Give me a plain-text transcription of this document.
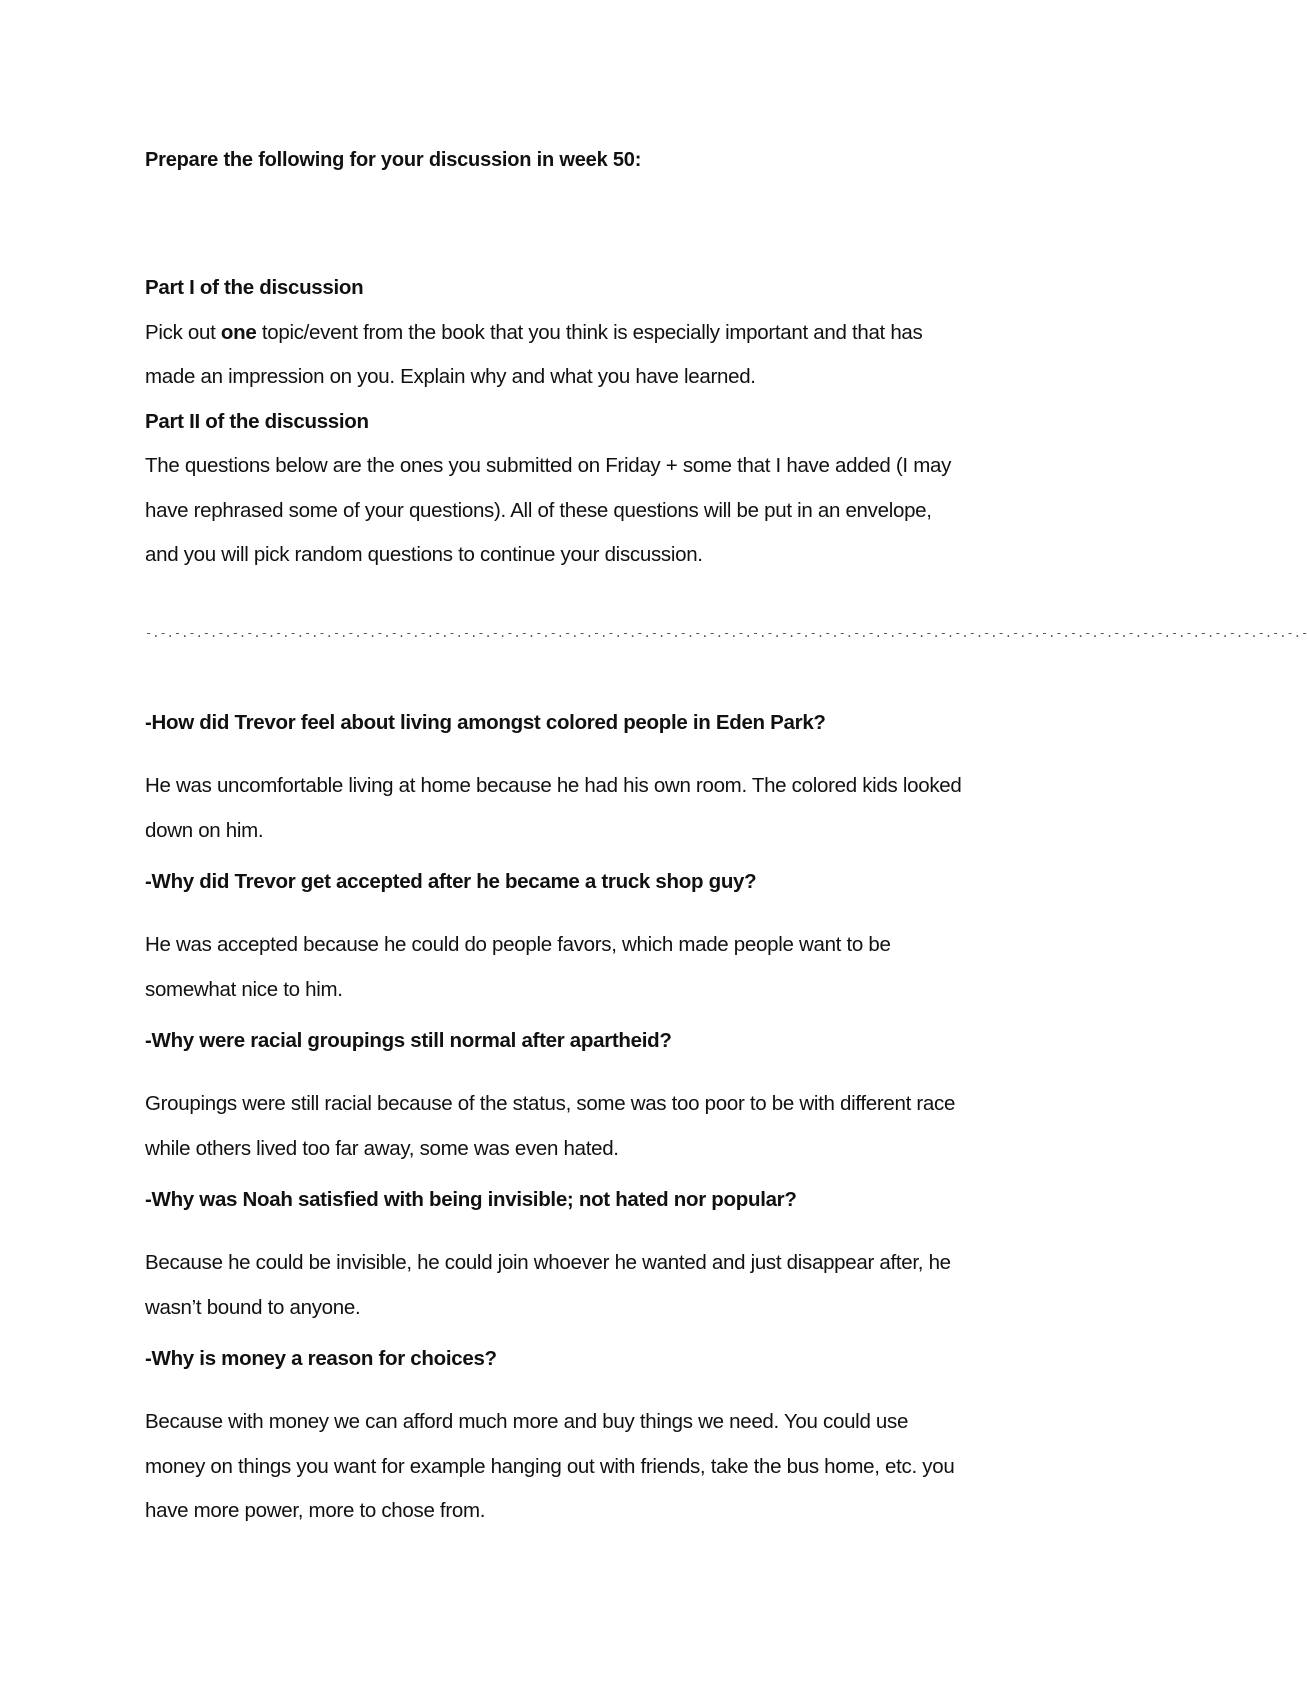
Prepare the following for your discussion in week 50:

Part I of the discussion

Pick out one topic/event from the book that you think is especially important and that has

made an impression on you. Explain why and what you have learned.

Part II of the discussion

The questions below are the ones you submitted on Friday + some that I have added (I may

have rephrased some of your questions). All of these questions will be put in an envelope,

and you will pick random questions to continue your discussion.

-.-.-.-.-.-.-.-.-.-.-.-.-.-.-.-.-.-.-.-.-.-.-.-.-.-.-.-.-.-.-.-.-.-.-.-.-.-.-.-.-.-.-.-.-.-.-.-.-.-.-.-.-.-.-.-.-.-.-.-.-.-.-.-.-.-.-.-.-.-.-.-.-.-.-.-.-.-.-.-.-

-How did Trevor feel about living amongst colored people in Eden Park?

He was uncomfortable living at home because he had his own room. The colored kids looked
down on him.

-Why did Trevor get accepted after he became a truck shop guy?

He was accepted because he could do people favors, which made people want to be
somewhat nice to him.

-Why were racial groupings still normal after apartheid?

Groupings were still racial because of the status, some was too poor to be with different race
while others lived too far away, some was even hated.

-Why was Noah satisfied with being invisible; not hated nor popular?

Because he could be invisible, he could join whoever he wanted and just disappear after, he
wasn’t bound to anyone.

-Why is money a reason for choices?

Because with money we can afford much more and buy things we need. You could use
money on things you want for example hanging out with friends, take the bus home, etc. you
have more power, more to chose from.
